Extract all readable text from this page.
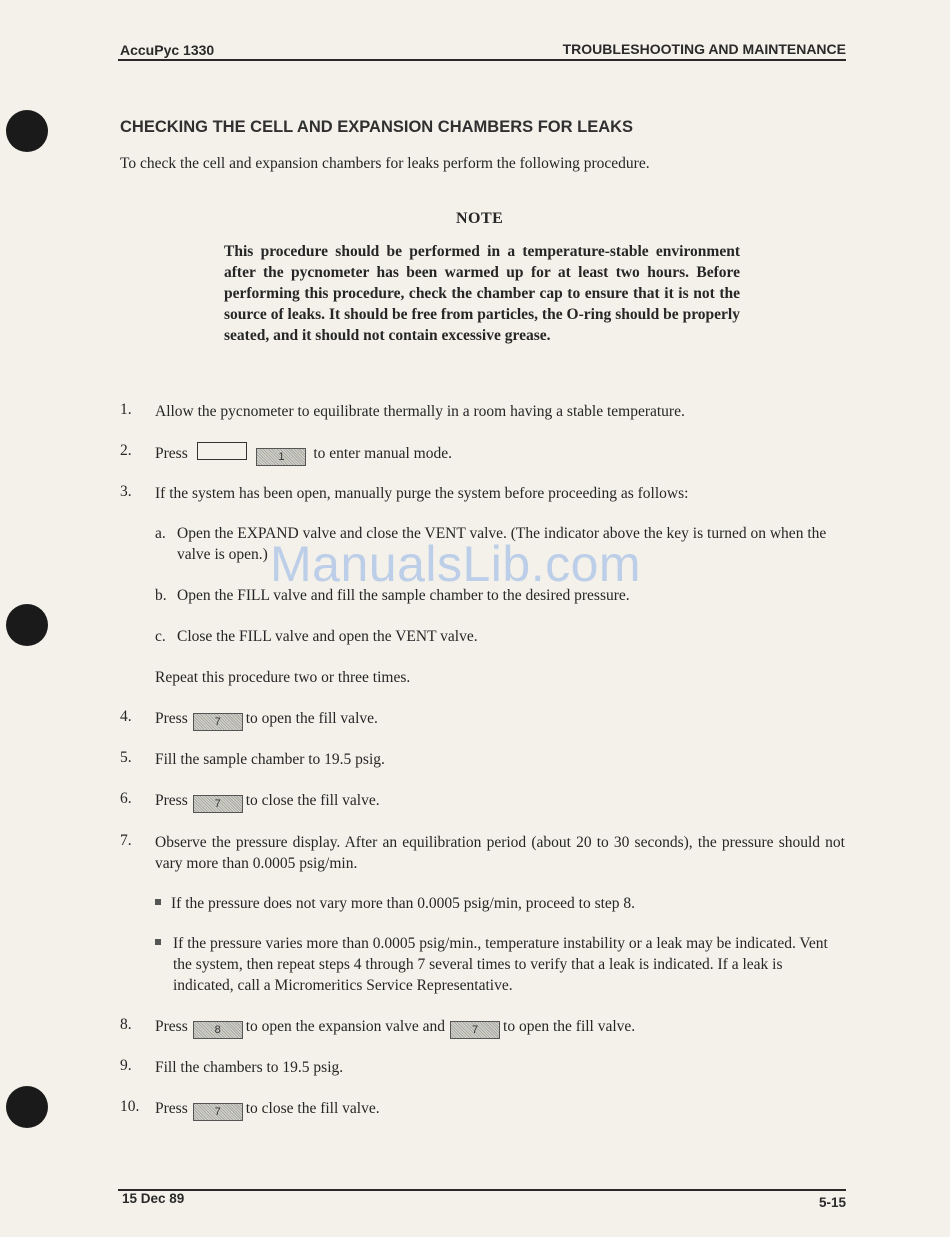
AccuPyc 1330	TROUBLESHOOTING AND MAINTENANCE
CHECKING THE CELL AND EXPANSION CHAMBERS FOR LEAKS
To check the cell and expansion chambers for leaks perform the following procedure.
NOTE
This procedure should be performed in a temperature-stable environment after the pycnometer has been warmed up for at least two hours. Before performing this procedure, check the chamber cap to ensure that it is not the source of leaks. It should be free from particles, the O-ring should be properly seated, and it should not contain excessive grease.
1. Allow the pycnometer to equilibrate thermally in a room having a stable temperature.
2. Press	1 to enter manual mode.
3. If the system has been open, manually purge the system before proceeding as follows:
a. Open the EXPAND valve and close the VENT valve. (The indicator above the key is turned on when the valve is open.)
b. Open the FILL valve and fill the sample chamber to the desired pressure.
c. Close the FILL valve and open the VENT valve.
Repeat this procedure two or three times.
ManualsLib.com
4. Press 7 to open the fill valve.
5. Fill the sample chamber to 19.5 psig.
6. Press 7 to close the fill valve.
7. Observe the pressure display. After an equilibration period (about 20 to 30 seconds), the pressure should not vary more than 0.0005 psig/min.
If the pressure does not vary more than 0.0005 psig/min, proceed to step 8.
If the pressure varies more than 0.0005 psig/min., temperature instability or a leak may be indicated. Vent the system, then repeat steps 4 through 7 several times to verify that a leak is indicated. If a leak is indicated, call a Micromeritics Service Representative.
8. Press 8 to open the expansion valve and 7 to open the fill valve.
9. Fill the chambers to 19.5 psig.
10. Press 7 to close the fill valve.
15 Dec 89	5-15
